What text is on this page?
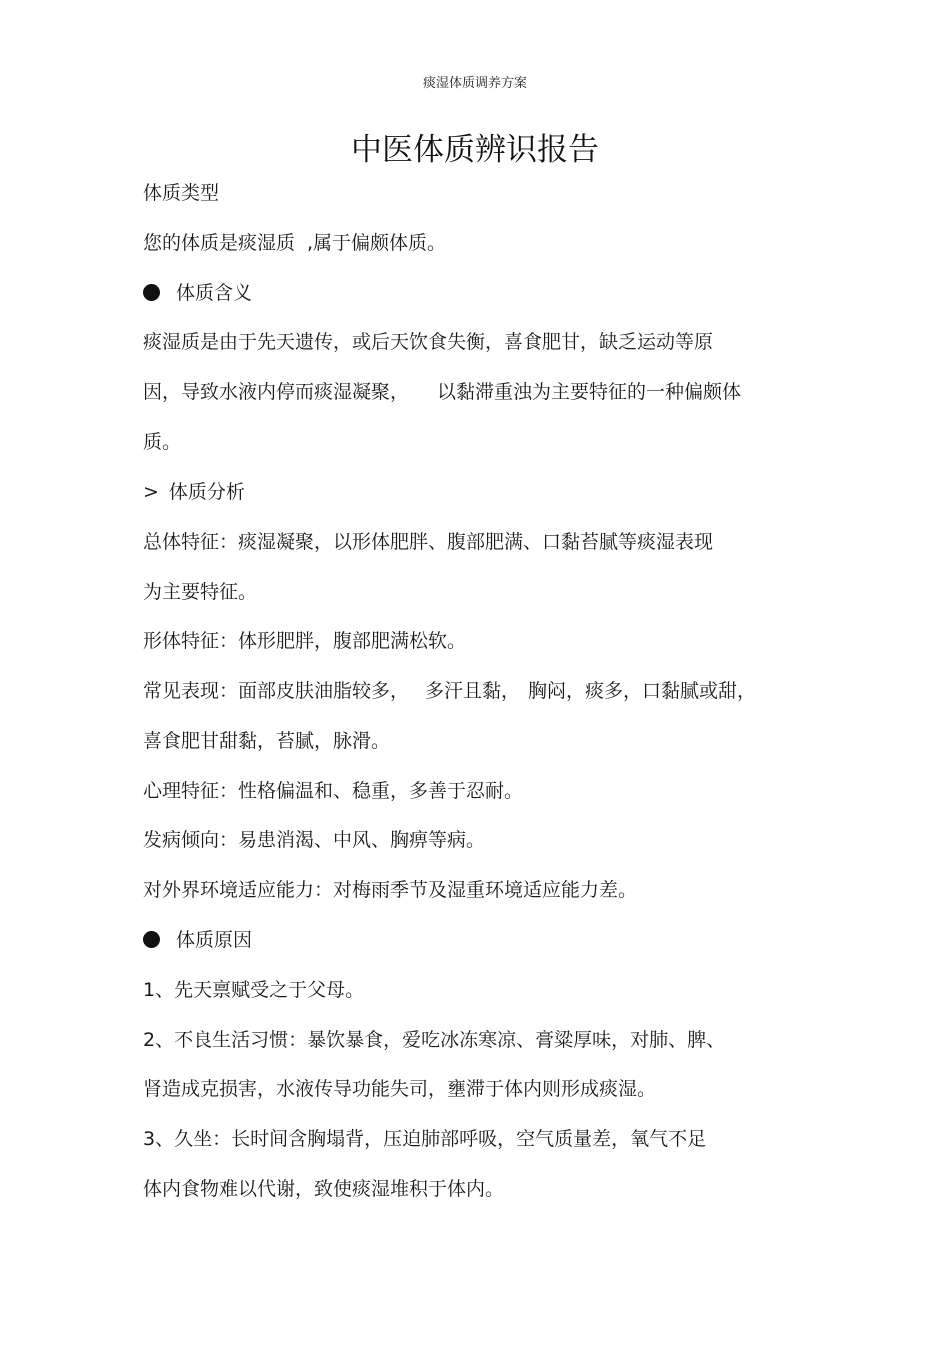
痰湿体质调养方案
中医体质辨识报告
体质类型
您的体质是痰湿质 ,属于偏颇体质。
体质含义
痰湿质是由于先天遗传，或后天饮食失衡，喜食肥甘，缺乏运动等原
因，导致水液内停而痰湿凝聚， 以黏滞重浊为主要特征的一种偏颇体
质。
> 体质分析
总体特征：痰湿凝聚，以形体肥胖、腹部肥满、口黏苔腻等痰湿表现
为主要特征。
形体特征：体形肥胖，腹部肥满松软。
常见表现：面部皮肤油脂较多， 多汗且黏， 胸闷，痰多，口黏腻或甜，
喜食肥甘甜黏，苔腻，脉滑。
心理特征：性格偏温和、稳重，多善于忍耐。
发病倾向：易患消渴、中风、胸痹等病。
对外界环境适应能力：对梅雨季节及湿重环境适应能力差。
体质原因
1、先天禀赋受之于父母。
2、不良生活习惯：暴饮暴食，爱吃冰冻寒凉、膏粱厚味，对肺、脾、
肾造成克损害，水液传导功能失司，壅滞于体内则形成痰湿。
3、久坐：长时间含胸塌背，压迫肺部呼吸，空气质量差，氧气不足
体内食物难以代谢，致使痰湿堆积于体内。
